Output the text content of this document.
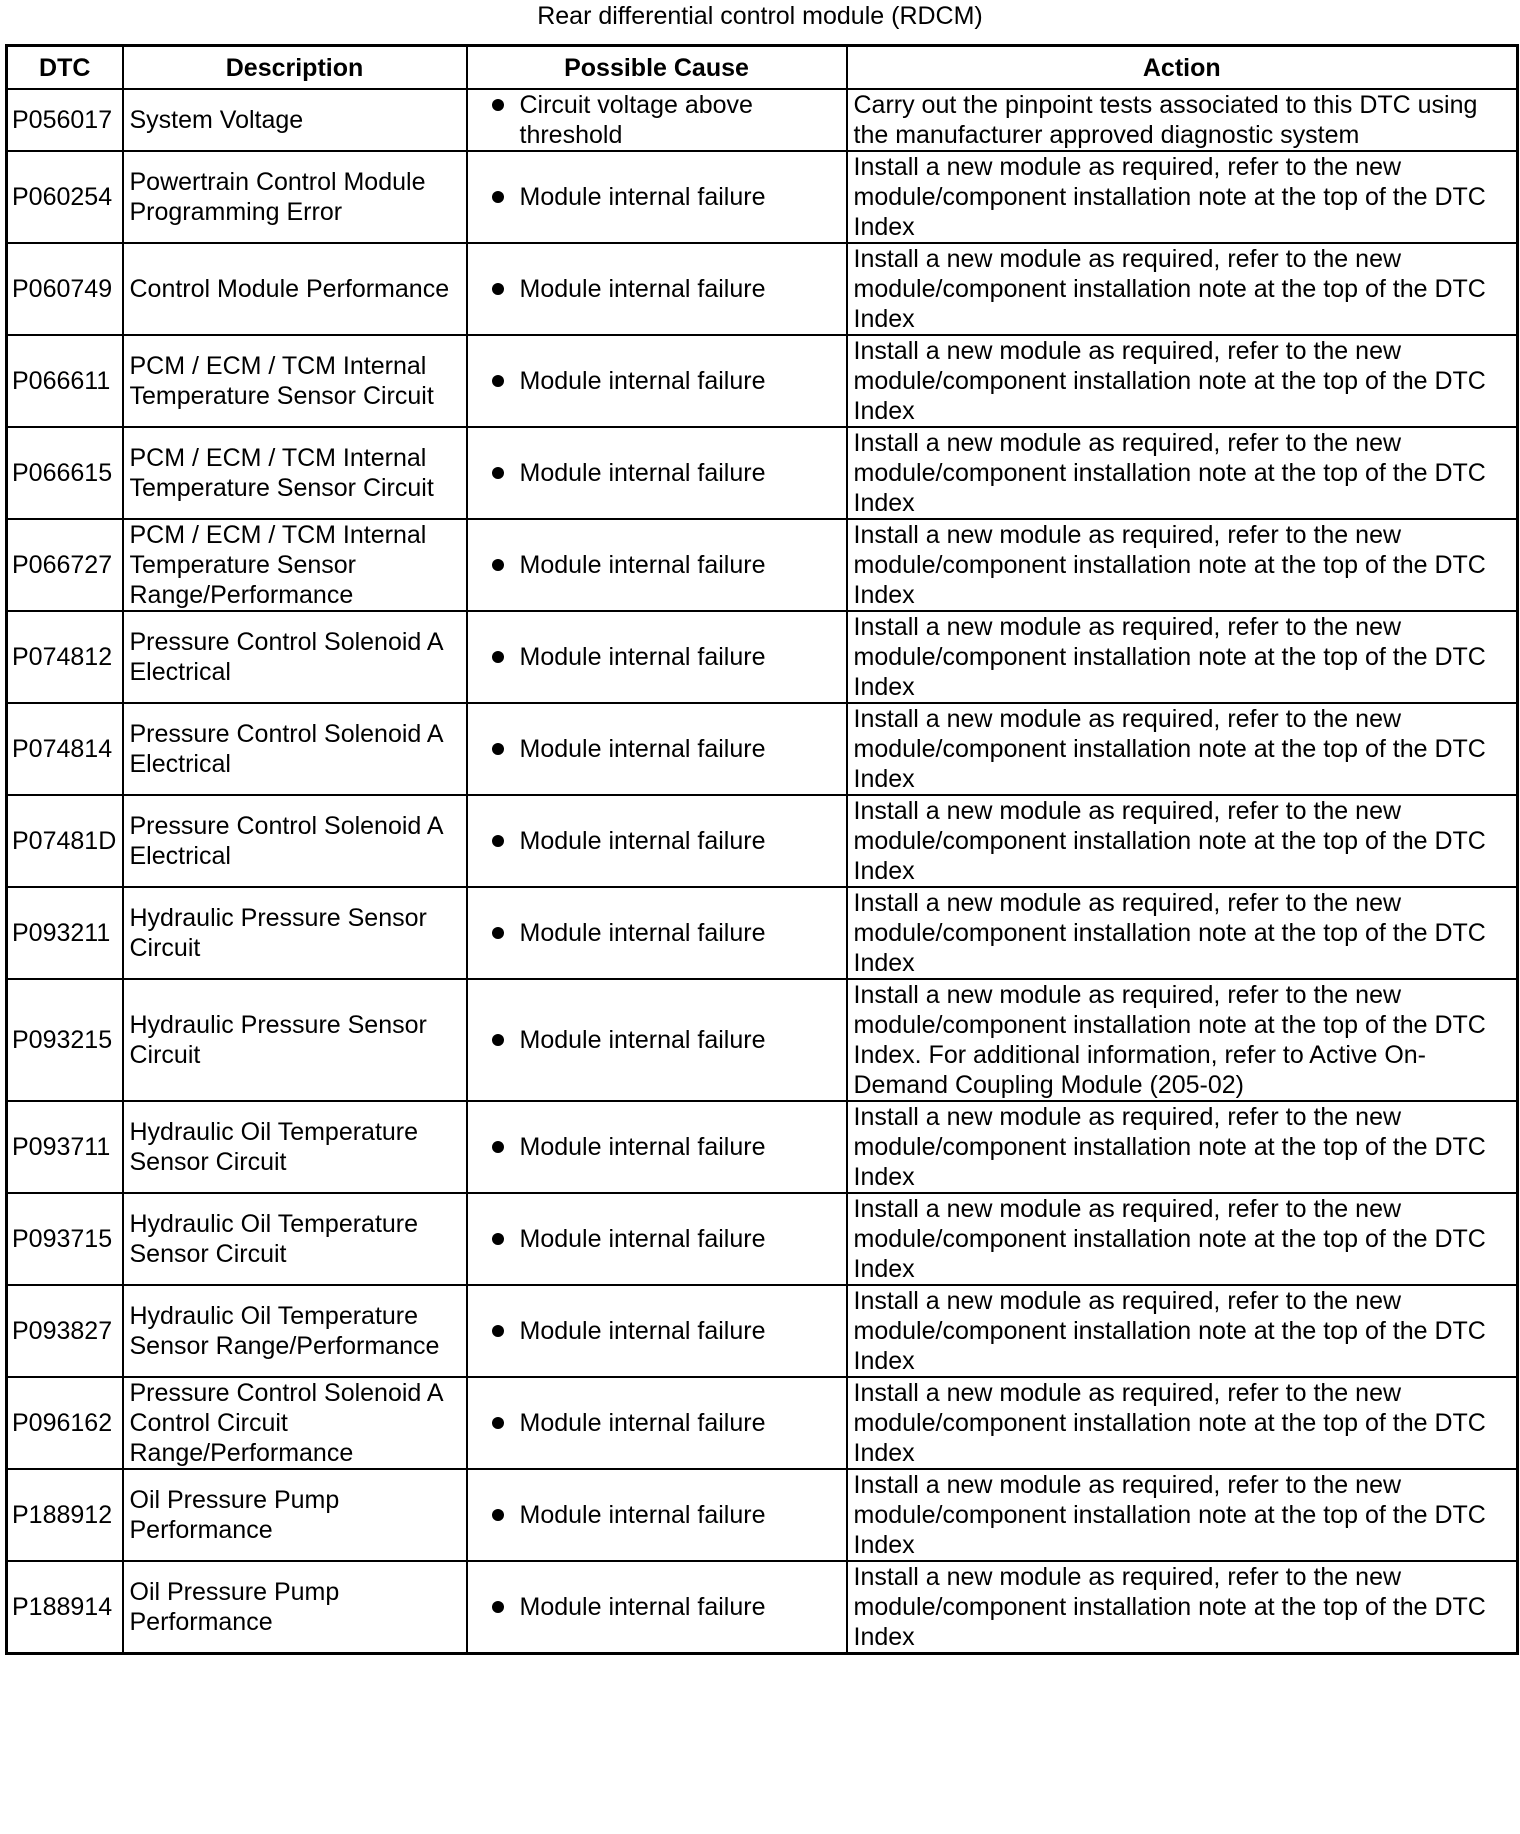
Rear differential control module (RDCM)
DTC	Description	Possible Cause	Action
P056017	System Voltage	Circuit voltage above threshold	Carry out the pinpoint tests associated to this DTC using the manufacturer approved diagnostic system
P060254	Powertrain Control Module Programming Error	Module internal failure	Install a new module as required, refer to the new module/component installation note at the top of the DTC Index
P060749	Control Module Performance	Module internal failure	Install a new module as required, refer to the new module/component installation note at the top of the DTC Index
P066611	PCM / ECM / TCM Internal Temperature Sensor Circuit	Module internal failure	Install a new module as required, refer to the new module/component installation note at the top of the DTC Index
P066615	PCM / ECM / TCM Internal Temperature Sensor Circuit	Module internal failure	Install a new module as required, refer to the new module/component installation note at the top of the DTC Index
P066727	PCM / ECM / TCM Internal Temperature Sensor Range/Performance	Module internal failure	Install a new module as required, refer to the new module/component installation note at the top of the DTC Index
P074812	Pressure Control Solenoid A Electrical	Module internal failure	Install a new module as required, refer to the new module/component installation note at the top of the DTC Index
P074814	Pressure Control Solenoid A Electrical	Module internal failure	Install a new module as required, refer to the new module/component installation note at the top of the DTC Index
P07481D	Pressure Control Solenoid A Electrical	Module internal failure	Install a new module as required, refer to the new module/component installation note at the top of the DTC Index
P093211	Hydraulic Pressure Sensor Circuit	Module internal failure	Install a new module as required, refer to the new module/component installation note at the top of the DTC Index
P093215	Hydraulic Pressure Sensor Circuit	Module internal failure	Install a new module as required, refer to the new module/component installation note at the top of the DTC Index. For additional information, refer to Active On-Demand Coupling Module (205-02)
P093711	Hydraulic Oil Temperature Sensor Circuit	Module internal failure	Install a new module as required, refer to the new module/component installation note at the top of the DTC Index
P093715	Hydraulic Oil Temperature Sensor Circuit	Module internal failure	Install a new module as required, refer to the new module/component installation note at the top of the DTC Index
P093827	Hydraulic Oil Temperature Sensor Range/Performance	Module internal failure	Install a new module as required, refer to the new module/component installation note at the top of the DTC Index
P096162	Pressure Control Solenoid A Control Circuit Range/Performance	Module internal failure	Install a new module as required, refer to the new module/component installation note at the top of the DTC Index
P188912	Oil Pressure Pump Performance	Module internal failure	Install a new module as required, refer to the new module/component installation note at the top of the DTC Index
P188914	Oil Pressure Pump Performance	Module internal failure	Install a new module as required, refer to the new module/component installation note at the top of the DTC Index
